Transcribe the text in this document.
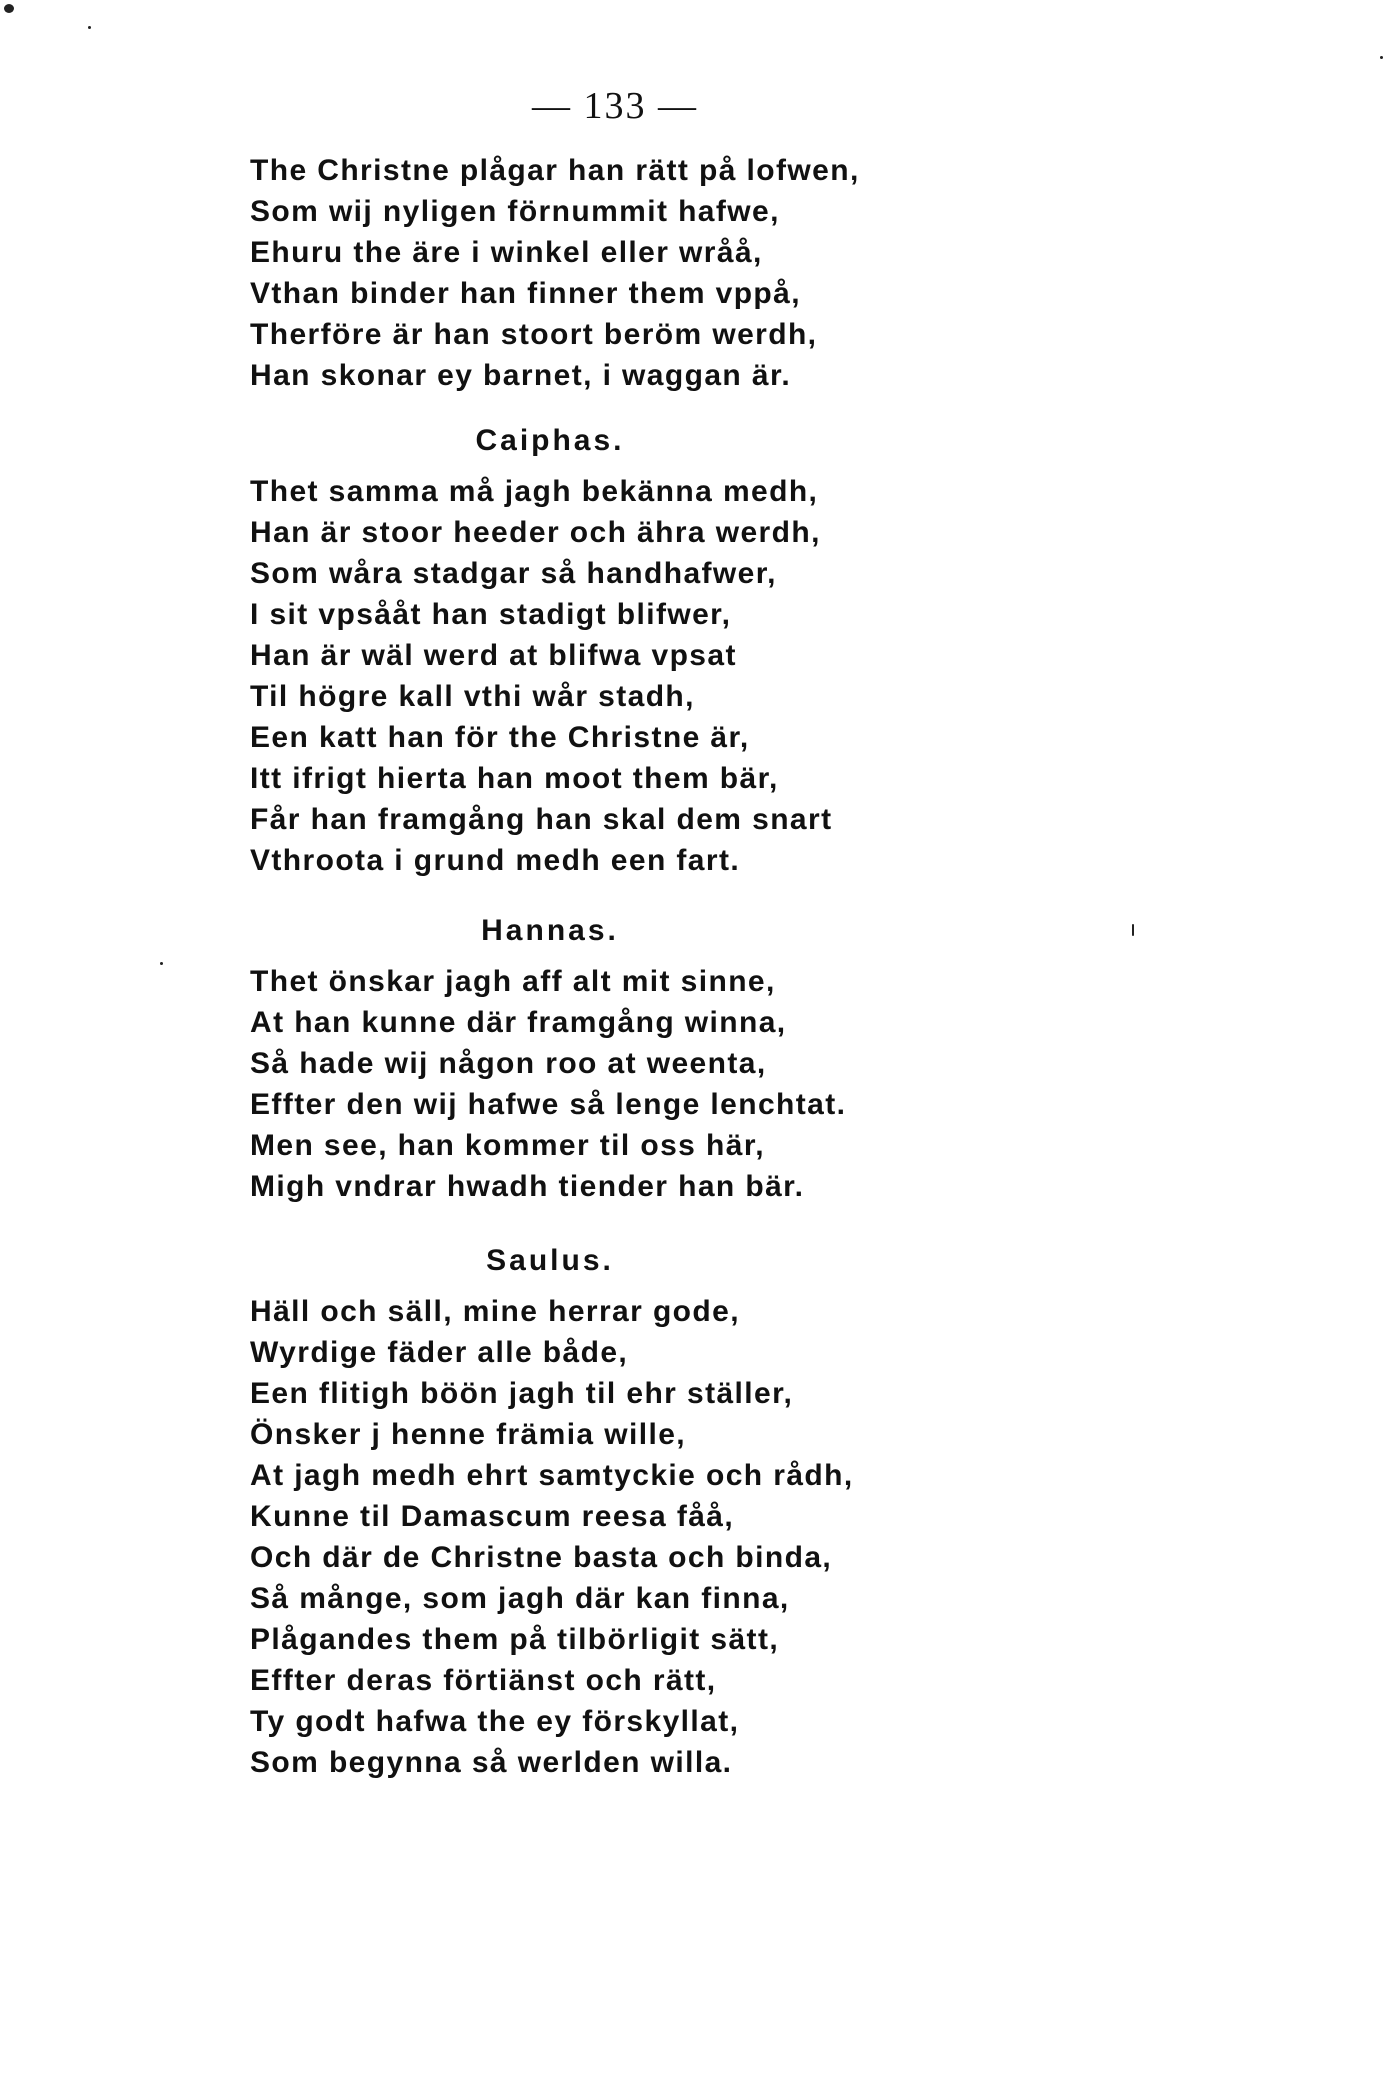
— 133 —
The Christne plågar han rätt på lofwen,
Som wij nyligen förnummit hafwe,
Ehuru the äre i winkel eller wråå,
Vthan binder han finner them vppå,
Therföre är han stoort beröm werdh,
Han skonar ey barnet, i waggan är.
Caiphas.
Thet samma må jagh bekänna medh,
Han är stoor heeder och ähra werdh,
Som wåra stadgar så handhafwer,
I sit vpsååt han stadigt blifwer,
Han är wäl werd at blifwa vpsat
Til högre kall vthi wår stadh,
Een katt han för the Christne är,
Itt ifrigt hierta han moot them bär,
Får han framgång han skal dem snart
Vthroota i grund medh een fart.
Hannas.
Thet önskar jagh aff alt mit sinne,
At han kunne där framgång winna,
Så hade wij någon roo at weenta,
Effter den wij hafwe så lenge lenchtat.
Men see, han kommer til oss här,
Migh vndrar hwadh tiender han bär.
Saulus.
Häll och säll, mine herrar gode,
Wyrdige fäder alle både,
Een flitigh böön jagh til ehr ställer,
Önsker j henne främia wille,
At jagh medh ehrt samtyckie och rådh,
Kunne til Damascum reesa fåå,
Och där de Christne basta och binda,
Så månge, som jagh där kan finna,
Plågandes them på tilbörligit sätt,
Effter deras förtiänst och rätt,
Ty godt hafwa the ey förskyllat,
Som begynna så werlden willa.
